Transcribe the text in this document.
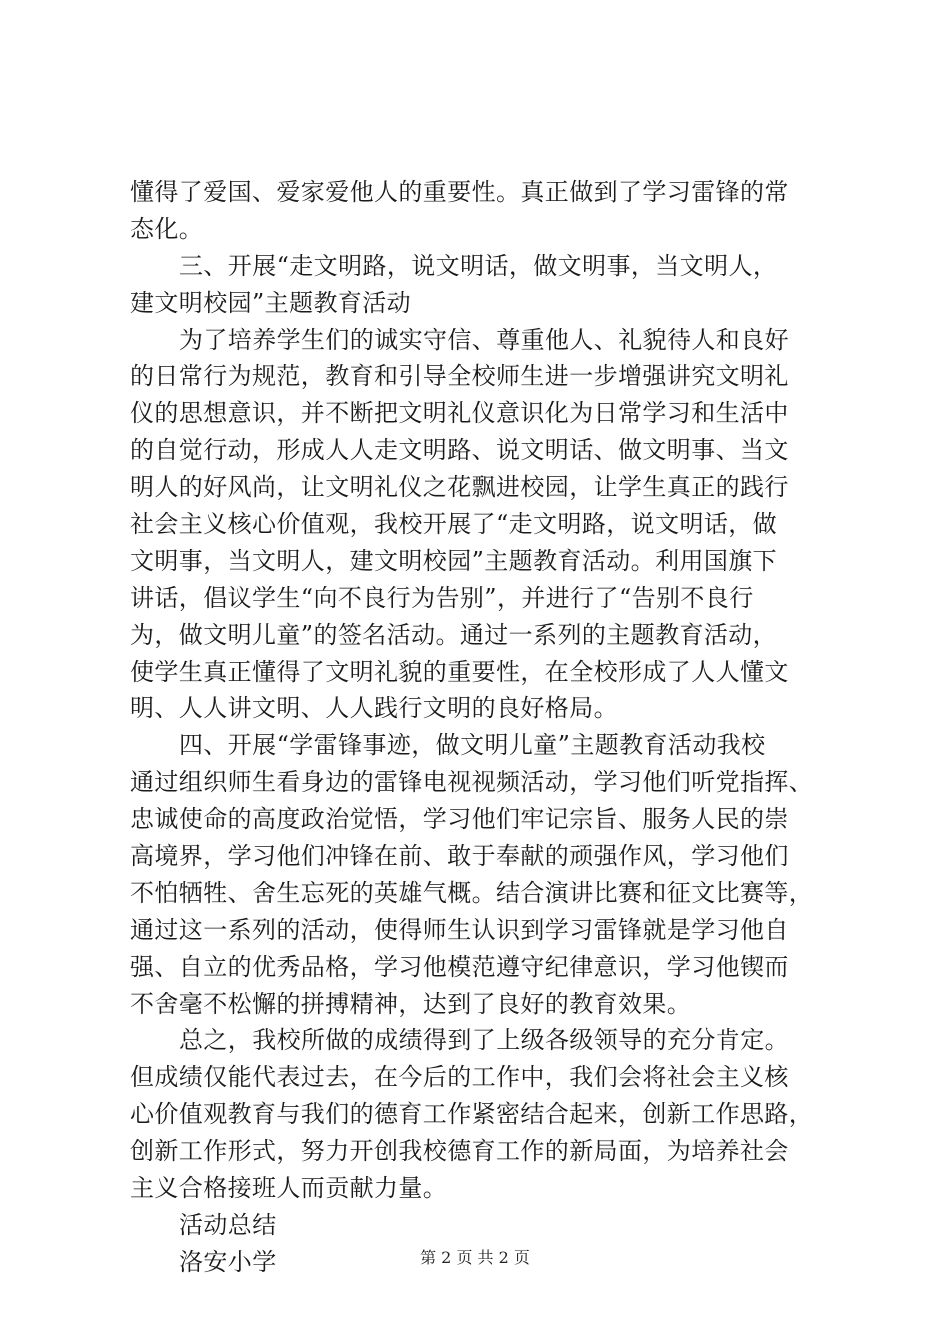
懂得了爱国、爱家爱他人的重要性。真正做到了学习雷锋的常
态化。
三、开展“走文明路，说文明话，做文明事，当文明人，
建文明校园”主题教育活动
为了培养学生们的诚实守信、尊重他人、礼貌待人和良好
的日常行为规范，教育和引导全校师生进一步增强讲究文明礼
仪的思想意识，并不断把文明礼仪意识化为日常学习和生活中
的自觉行动，形成人人走文明路、说文明话、做文明事、当文
明人的好风尚，让文明礼仪之花飘进校园，让学生真正的践行
社会主义核心价值观，我校开展了“走文明路，说文明话，做
文明事，当文明人，建文明校园”主题教育活动。利用国旗下
讲话，倡议学生“向不良行为告别”，并进行了“告别不良行
为，做文明儿童”的签名活动。通过一系列的主题教育活动，
使学生真正懂得了文明礼貌的重要性，在全校形成了人人懂文
明、人人讲文明、人人践行文明的良好格局。
四、开展“学雷锋事迹，做文明儿童”主题教育活动我校
通过组织师生看身边的雷锋电视视频活动，学习他们听党指挥、
忠诚使命的高度政治觉悟，学习他们牢记宗旨、服务人民的崇
高境界，学习他们冲锋在前、敢于奉献的顽强作风，学习他们
不怕牺牲、舍生忘死的英雄气概。结合演讲比赛和征文比赛等，
通过这一系列的活动，使得师生认识到学习雷锋就是学习他自
强、自立的优秀品格，学习他模范遵守纪律意识，学习他锲而
不舍毫不松懈的拼搏精神，达到了良好的教育效果。
总之，我校所做的成绩得到了上级各级领导的充分肯定。
但成绩仅能代表过去，在今后的工作中，我们会将社会主义核
心价值观教育与我们的德育工作紧密结合起来，创新工作思路，
创新工作形式，努力开创我校德育工作的新局面，为培养社会
主义合格接班人而贡献力量。
活动总结
洛安小学	第 2 页 共 2 页
